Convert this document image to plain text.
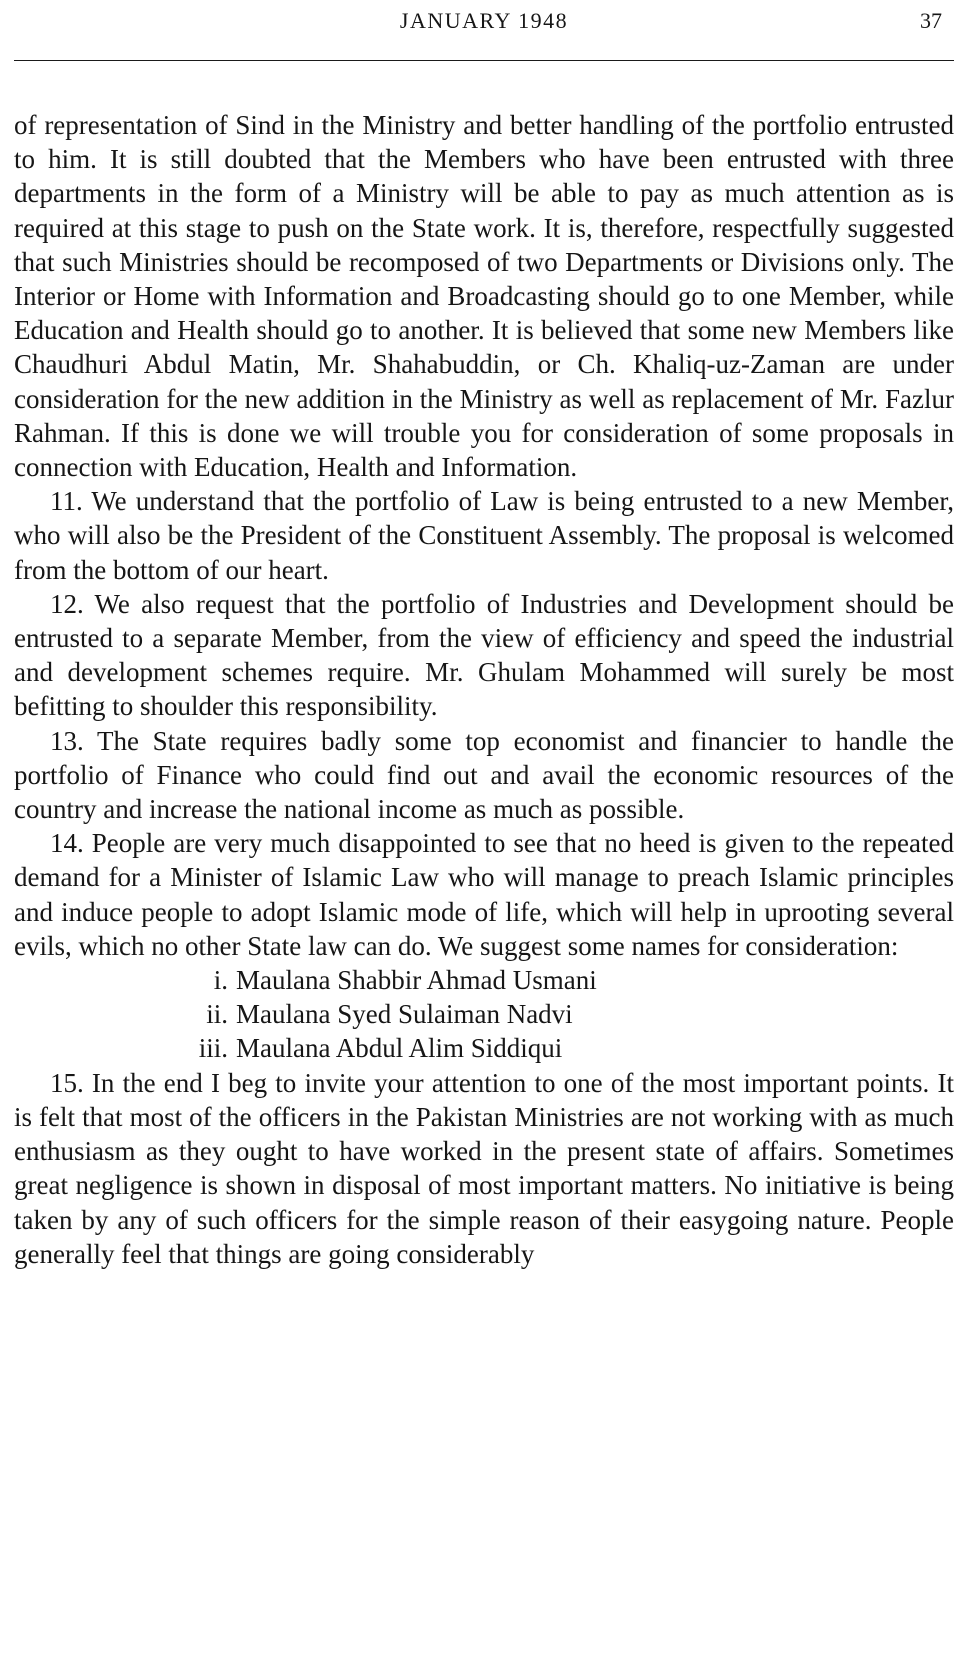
JANUARY 1948	37

of representation of Sind in the Ministry and better handling of the portfolio entrusted to him. It is still doubted that the Members who have been entrusted with three departments in the form of a Ministry will be able to pay as much attention as is required at this stage to push on the State work. It is, therefore, respectfully suggested that such Ministries should be recomposed of two Departments or Divisions only. The Interior or Home with Information and Broadcasting should go to one Member, while Education and Health should go to another. It is believed that some new Members like Chaudhuri Abdul Matin, Mr. Shahabuddin, or Ch. Khaliq-uz-Zaman are under consideration for the new addition in the Ministry as well as replacement of Mr. Fazlur Rahman. If this is done we will trouble you for consideration of some proposals in connection with Education, Health and Information.

11. We understand that the portfolio of Law is being entrusted to a new Member, who will also be the President of the Constituent Assembly. The proposal is welcomed from the bottom of our heart.

12. We also request that the portfolio of Industries and Development should be entrusted to a separate Member, from the view of efficiency and speed the industrial and development schemes require. Mr. Ghulam Mohammed will surely be most befitting to shoulder this responsibility.

13. The State requires badly some top economist and financier to handle the portfolio of Finance who could find out and avail the economic resources of the country and increase the national income as much as possible.

14. People are very much disappointed to see that no heed is given to the repeated demand for a Minister of Islamic Law who will manage to preach Islamic principles and induce people to adopt Islamic mode of life, which will help in uprooting several evils, which no other State law can do. We suggest some names for consideration:

i. Maulana Shabbir Ahmad Usmani
ii. Maulana Syed Sulaiman Nadvi
iii. Maulana Abdul Alim Siddiqui

15. In the end I beg to invite your attention to one of the most important points. It is felt that most of the officers in the Pakistan Ministries are not working with as much enthusiasm as they ought to have worked in the present state of affairs. Sometimes great negligence is shown in disposal of most important matters. No initiative is being taken by any of such officers for the simple reason of their easygoing nature. People generally feel that things are going considerably
